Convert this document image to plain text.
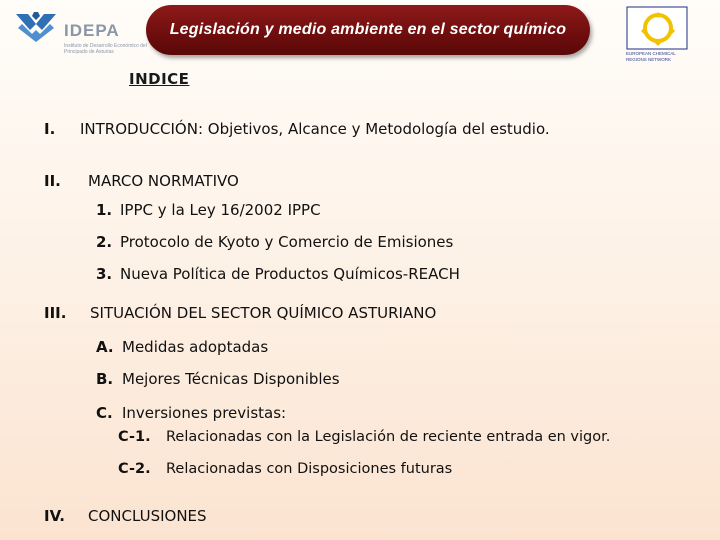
IDEPA
Instituto de Desarrollo Económico del Principado de Asturias
Legislación y medio ambiente en el sector químico
EUROPEAN CHEMICAL REGIONS NETWORK
INDICE
I. INTRODUCCIÓN: Objetivos, Alcance y Metodología del estudio.
II. MARCO NORMATIVO
1. IPPC y la Ley 16/2002 IPPC
2. Protocolo de Kyoto y Comercio de Emisiones
3. Nueva Política de Productos Químicos-REACH
III. SITUACIÓN DEL SECTOR QUÍMICO ASTURIANO
A. Medidas adoptadas
B. Mejores Técnicas Disponibles
C. Inversiones previstas:
C-1. Relacionadas con la Legislación de reciente entrada en vigor.
C-2. Relacionadas con Disposiciones futuras
IV. CONCLUSIONES
